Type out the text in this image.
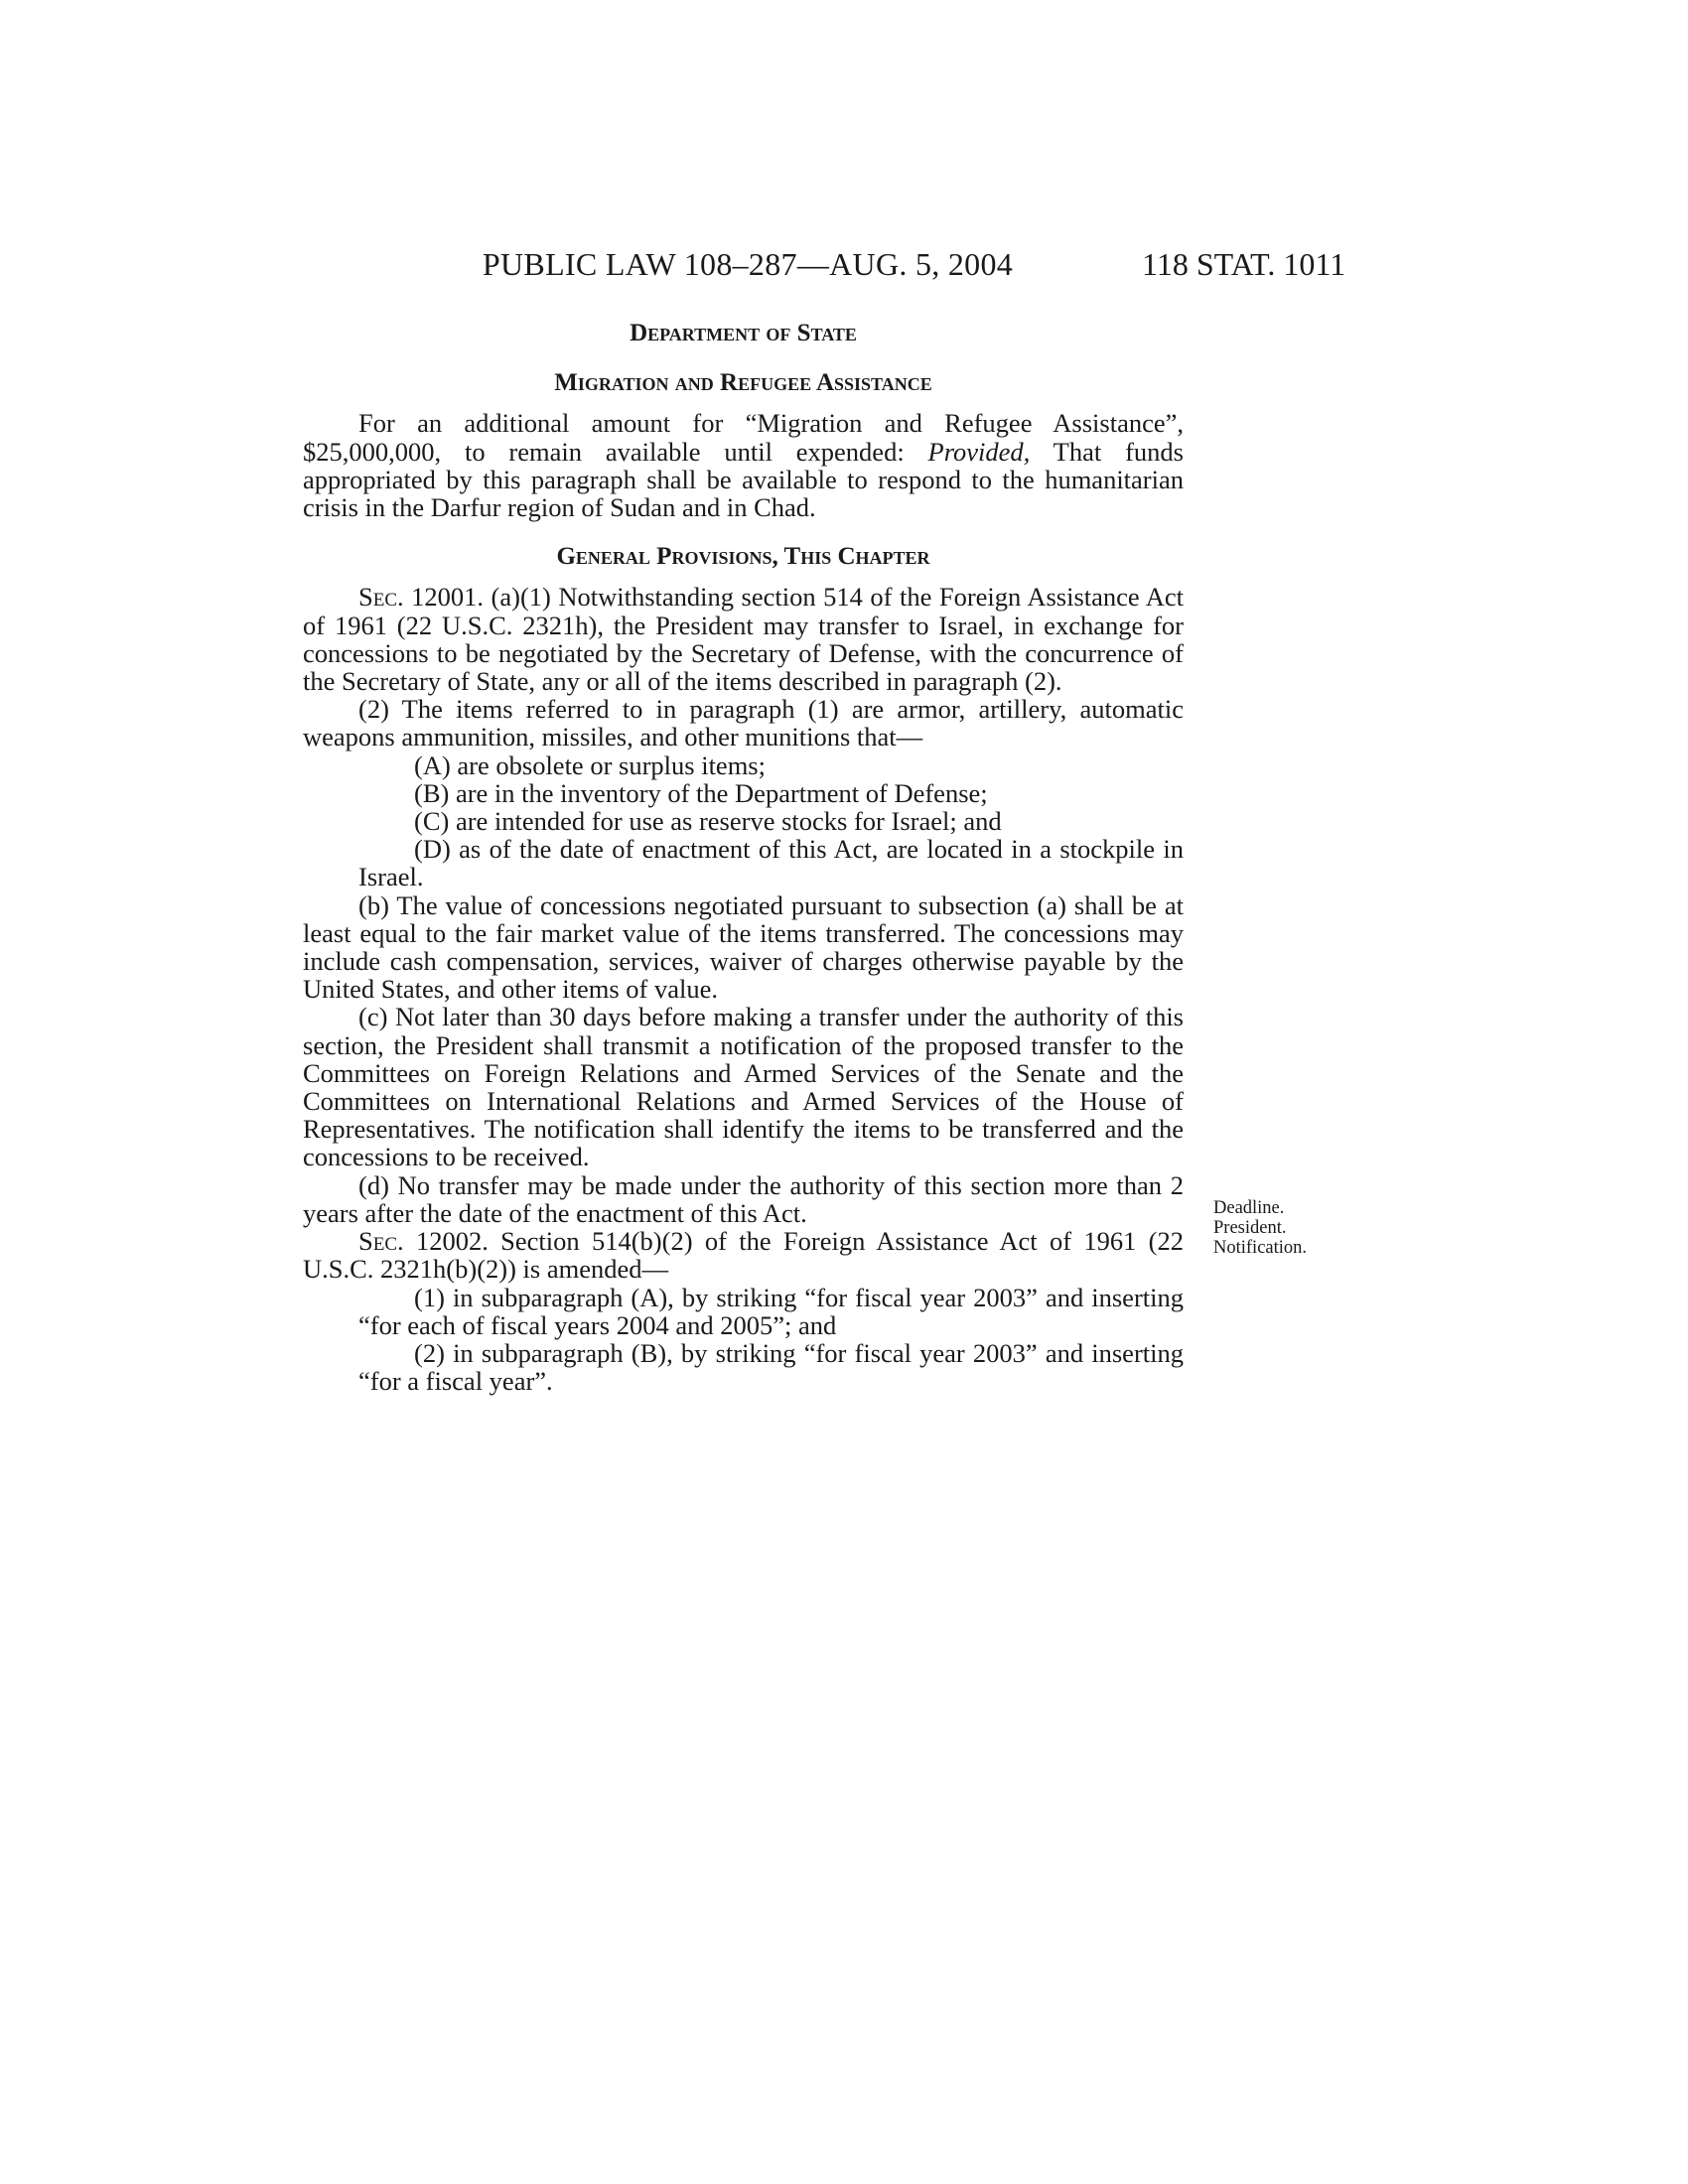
PUBLIC LAW 108–287—AUG. 5, 2004	118 STAT. 1011
Department of State
Migration and Refugee Assistance

For an additional amount for “Migration and Refugee Assistance”, $25,000,000, to remain available until expended: Provided, That funds appropriated by this paragraph shall be available to respond to the humanitarian crisis in the Darfur region of Sudan and in Chad.

General Provisions, This Chapter

Sec. 12001. (a)(1) Notwithstanding section 514 of the Foreign Assistance Act of 1961 (22 U.S.C. 2321h), the President may transfer to Israel, in exchange for concessions to be negotiated by the Secretary of Defense, with the concurrence of the Secretary of State, any or all of the items described in paragraph (2).

(2) The items referred to in paragraph (1) are armor, artillery, automatic weapons ammunition, missiles, and other munitions that—

(A) are obsolete or surplus items;

(B) are in the inventory of the Department of Defense;

(C) are intended for use as reserve stocks for Israel; and

(D) as of the date of enactment of this Act, are located in a stockpile in Israel.

(b) The value of concessions negotiated pursuant to subsection (a) shall be at least equal to the fair market value of the items transferred. The concessions may include cash compensation, services, waiver of charges otherwise payable by the United States, and other items of value.

(c) Not later than 30 days before making a transfer under the authority of this section, the President shall transmit a notification of the proposed transfer to the Committees on Foreign Relations and Armed Services of the Senate and the Committees on International Relations and Armed Services of the House of Representatives. The notification shall identify the items to be transferred and the concessions to be received.

(d) No transfer may be made under the authority of this section more than 2 years after the date of the enactment of this Act.

Sec. 12002. Section 514(b)(2) of the Foreign Assistance Act of 1961 (22 U.S.C. 2321h(b)(2)) is amended—

(1) in subparagraph (A), by striking “for fiscal year 2003” and inserting “for each of fiscal years 2004 and 2005”; and

(2) in subparagraph (B), by striking “for fiscal year 2003” and inserting “for a fiscal year”.

Deadline.
President.
Notification.
